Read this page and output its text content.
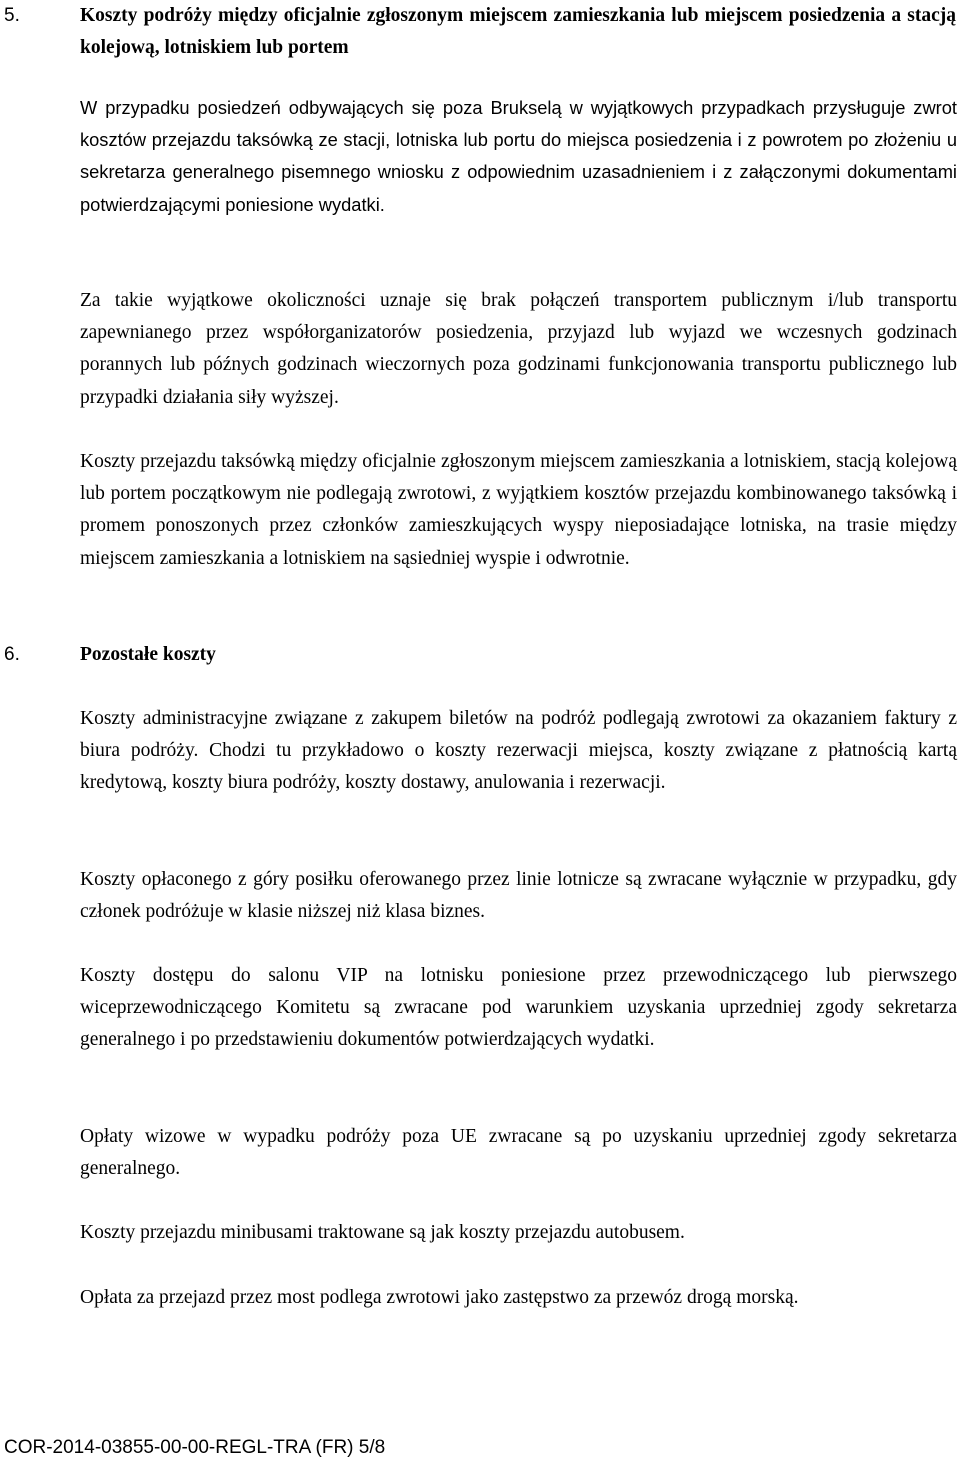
5.	Koszty podróży między oficjalnie zgłoszonym miejscem zamieszkania lub miejscem posiedzenia a stacją kolejową, lotniskiem lub portem

W przypadku posiedzeń odbywających się poza Brukselą w wyjątkowych przypadkach przysługuje zwrot kosztów przejazdu taksówką ze stacji, lotniska lub portu do miejsca posiedzenia i z powrotem po złożeniu u sekretarza generalnego pisemnego wniosku z odpowiednim uzasadnieniem i z załączonymi dokumentami potwierdzającymi poniesione wydatki.

Za takie wyjątkowe okoliczności uznaje się brak połączeń transportem publicznym i/lub transportu zapewnianego przez współorganizatorów posiedzenia, przyjazd lub wyjazd we wczesnych godzinach porannych lub późnych godzinach wieczornych poza godzinami funkcjonowania transportu publicznego lub przypadki działania siły wyższej.

Koszty przejazdu taksówką między oficjalnie zgłoszonym miejscem zamieszkania a lotniskiem, stacją kolejową lub portem początkowym nie podlegają zwrotowi, z wyjątkiem kosztów przejazdu kombinowanego taksówką i promem ponoszonych przez członków zamieszkujących wyspy nieposiadające lotniska, na trasie między miejscem zamieszkania a lotniskiem na sąsiedniej wyspie i odwrotnie.

6.	Pozostałe koszty

Koszty administracyjne związane z zakupem biletów na podróż podlegają zwrotowi za okazaniem faktury z biura podróży. Chodzi tu przykładowo o koszty rezerwacji miejsca, koszty związane z płatnością kartą kredytową, koszty biura podróży, koszty dostawy, anulowania i rezerwacji.

Koszty opłaconego z góry posiłku oferowanego przez linie lotnicze są zwracane wyłącznie w przypadku, gdy członek podróżuje w klasie niższej niż klasa biznes.

Koszty dostępu do salonu VIP na lotnisku poniesione przez przewodniczącego lub pierwszego wiceprzewodniczącego Komitetu są zwracane pod warunkiem uzyskania uprzedniej zgody sekretarza generalnego i po przedstawieniu dokumentów potwierdzających wydatki.

Opłaty wizowe w wypadku podróży poza UE zwracane są po uzyskaniu uprzedniej zgody sekretarza generalnego.

Koszty przejazdu minibusami traktowane są jak koszty przejazdu autobusem.

Opłata za przejazd przez most podlega zwrotowi jako zastępstwo za przewóz drogą morską.

COR-2014-03855-00-00-REGL-TRA (FR) 5/8
